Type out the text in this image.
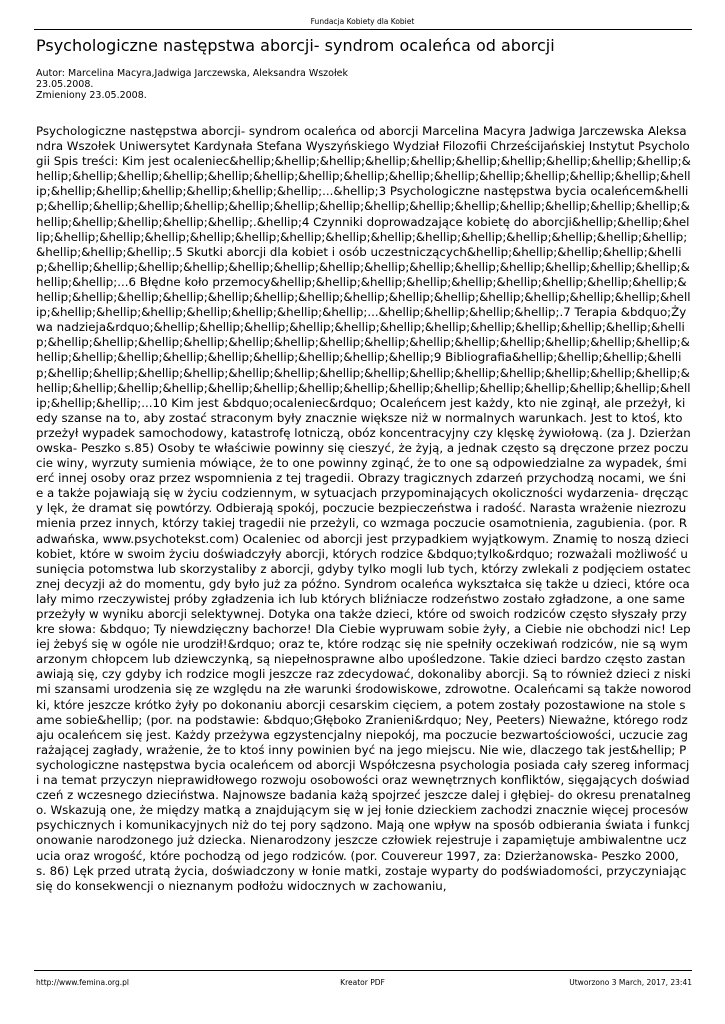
Fundacja Kobiety dla Kobiet
Psychologiczne następstwa aborcji- syndrom ocaleńca od aborcji
Autor: Marcelina Macyra,Jadwiga Jarczewska, Aleksandra Wszołek
23.05.2008.
Zmieniony 23.05.2008.
Psychologiczne następstwa aborcji- syndrom ocaleńca od aborcji Marcelina Macyra Jadwiga Jarczewska Aleksandra Wszołek Uniwersytet Kardynała Stefana Wyszyńskiego Wydział Filozofii Chrześcijańskiej Instytut Psychologii Spis treści: Kim jest ocaleniec&hellip;&hellip;&hellip;&hellip;&hellip;&hellip;&hellip;&hellip;&hellip;&hellip;&hellip;&hellip;&hellip;&hellip;&hellip;&hellip;&hellip;&hellip;&hellip;&hellip;&hellip;&hellip;&hellip;&hellip;&hellip;&hellip;&hellip;&hellip;&hellip;&hellip;&hellip;...&hellip;3 Psychologiczne następstwa bycia ocaleńcem&hellip;&hellip;&hellip;&hellip;&hellip;&hellip;&hellip;&hellip;&hellip;&hellip;&hellip;&hellip;&hellip;&hellip;&hellip;&hellip;&hellip;&hellip;&hellip;&hellip;.&hellip;4 Czynniki doprowadzające kobietę do aborcji&hellip;&hellip;&hellip;&hellip;&hellip;&hellip;&hellip;&hellip;&hellip;&hellip;&hellip;&hellip;&hellip;&hellip;&hellip;&hellip;&hellip;&hellip;&hellip;&hellip;.5 Skutki aborcji dla kobiet i osób uczestniczących&hellip;&hellip;&hellip;&hellip;&hellip;&hellip;&hellip;&hellip;&hellip;&hellip;&hellip;&hellip;&hellip;&hellip;&hellip;&hellip;&hellip;&hellip;&hellip;&hellip;&hellip;...6 Błędne koło przemocy&hellip;&hellip;&hellip;&hellip;&hellip;&hellip;&hellip;&hellip;&hellip;&hellip;&hellip;&hellip;&hellip;&hellip;&hellip;&hellip;&hellip;&hellip;&hellip;&hellip;&hellip;&hellip;&hellip;&hellip;&hellip;&hellip;&hellip;&hellip;&hellip;&hellip;&hellip;...&hellip;&hellip;&hellip;&hellip;.7 Terapia &bdquo;Żywa nadzieja&rdquo;&hellip;&hellip;&hellip;&hellip;&hellip;&hellip;&hellip;&hellip;&hellip;&hellip;&hellip;&hellip;&hellip;&hellip;&hellip;&hellip;&hellip;&hellip;&hellip;&hellip;&hellip;&hellip;&hellip;&hellip;&hellip;&hellip;&hellip;&hellip;&hellip;&hellip;&hellip;&hellip;&hellip;&hellip;&hellip;9 Bibliografia&hellip;&hellip;&hellip;&hellip;&hellip;&hellip;&hellip;&hellip;&hellip;&hellip;&hellip;&hellip;&hellip;&hellip;&hellip;&hellip;&hellip;&hellip;&hellip;&hellip;&hellip;&hellip;&hellip;&hellip;&hellip;&hellip;&hellip;&hellip;&hellip;&hellip;&hellip;&hellip;&hellip;&hellip;&hellip;...10 Kim jest &bdquo;ocaleniec&rdquo; Ocaleńcem jest każdy, kto nie zginął, ale przeżył, kiedy szanse na to, aby zostać straconym były znacznie większe niż w normalnych warunkach. Jest to ktoś, kto przeżył wypadek samochodowy, katastrofę lotniczą, obóz koncentracyjny czy klęskę żywiołową. (za J. Dzierżanowska- Peszko s.85) Osoby te właściwie powinny się cieszyć, że żyją, a jednak często są dręczone przez poczucie winy, wyrzuty sumienia mówiące, że to one powinny zginąć, że to one są odpowiedzialne za wypadek, śmierć innej osoby oraz przez wspomnienia z tej tragedii. Obrazy tragicznych zdarzeń przychodzą nocami, we śnie a także pojawiają się w życiu codziennym, w sytuacjach przypominających okoliczności wydarzenia- dręczący lęk, że dramat się powtórzy. Odbierają spokój, poczucie bezpieczeństwa i radość. Narasta wrażenie niezrozumienia przez innych, którzy takiej tragedii nie przeżyli, co wzmaga poczucie osamotnienia, zagubienia. (por. Radwańska, www.psychotekst.com) Ocaleniec od aborcji jest przypadkiem wyjątkowym. Znamię to noszą dzieci kobiet, które w swoim życiu doświadczyły aborcji, których rodzice &bdquo;tylko&rdquo; rozważali możliwość usunięcia potomstwa lub skorzystaliby z aborcji, gdyby tylko mogli lub tych, którzy zwlekali z podjęciem ostatecznej decyzji aż do momentu, gdy było już za późno. Syndrom ocaleńca wykształca się także u dzieci, które ocalały mimo rzeczywistej próby zgładzenia ich lub których bliźniacze rodzeństwo zostało zgładzone, a one same przeżyły w wyniku aborcji selektywnej. Dotyka ona także dzieci, które od swoich rodziców często słyszały przykre słowa: &bdquo; Ty niewdzięczny bachorze! Dla Ciebie wypruwam sobie żyły, a Ciebie nie obchodzi nic! Lepiej żebyś się w ogóle nie urodził!&rdquo; oraz te, które rodząc się nie spełniły oczekiwań rodziców, nie są wymarzonym chłopcem lub dziewczynką, są niepełnosprawne albo upośledzone. Takie dzieci bardzo często zastanawiają się, czy gdyby ich rodzice mogli jeszcze raz zdecydować, dokonaliby aborcji. Są to również dzieci z niskimi szansami urodzenia się ze względu na złe warunki środowiskowe, zdrowotne. Ocaleńcami są także noworodki, które jeszcze krótko żyły po dokonaniu aborcji cesarskim cięciem, a potem zostały pozostawione na stole same sobie&hellip; (por. na podstawie: &bdquo;Głęboko Zranieni&rdquo; Ney, Peeters) Nieważne, którego rodzaju ocaleńcem się jest. Każdy przeżywa egzystencjalny niepokój, ma poczucie bezwartościowości, uczucie zagrażającej zagłady, wrażenie, że to ktoś inny powinien być na jego miejscu. Nie wie, dlaczego tak jest&hellip; Psychologiczne następstwa bycia ocaleńcem od aborcji Współczesna psychologia posiada cały szereg informacji na temat przyczyn nieprawidłowego rozwoju osobowości oraz wewnętrznych konfliktów, sięgających doświadczeń z wczesnego dzieciństwa. Najnowsze badania każą spojrzeć jeszcze dalej i głębiej- do okresu prenatalnego. Wskazują one, że między matką a znajdującym się w jej łonie dzieckiem zachodzi znacznie więcej procesów psychicznych i komunikacyjnych niż do tej pory sądzono. Mają one wpływ na sposób odbierania świata i funkcjonowanie narodzonego już dziecka. Nienarodzony jeszcze człowiek rejestruje i zapamiętuje ambiwalentne uczucia oraz wrogość, które pochodzą od jego rodziców. (por. Couvereur 1997, za: Dzierżanowska- Peszko 2000, s. 86) Lęk przed utratą życia, doświadczony w łonie matki, zostaje wyparty do podświadomości, przyczyniając się do konsekwencji o nieznanym podłożu widocznych w zachowaniu,
http://www.femina.org.pl	Kreator PDF	Utworzono 3 March, 2017, 23:41
